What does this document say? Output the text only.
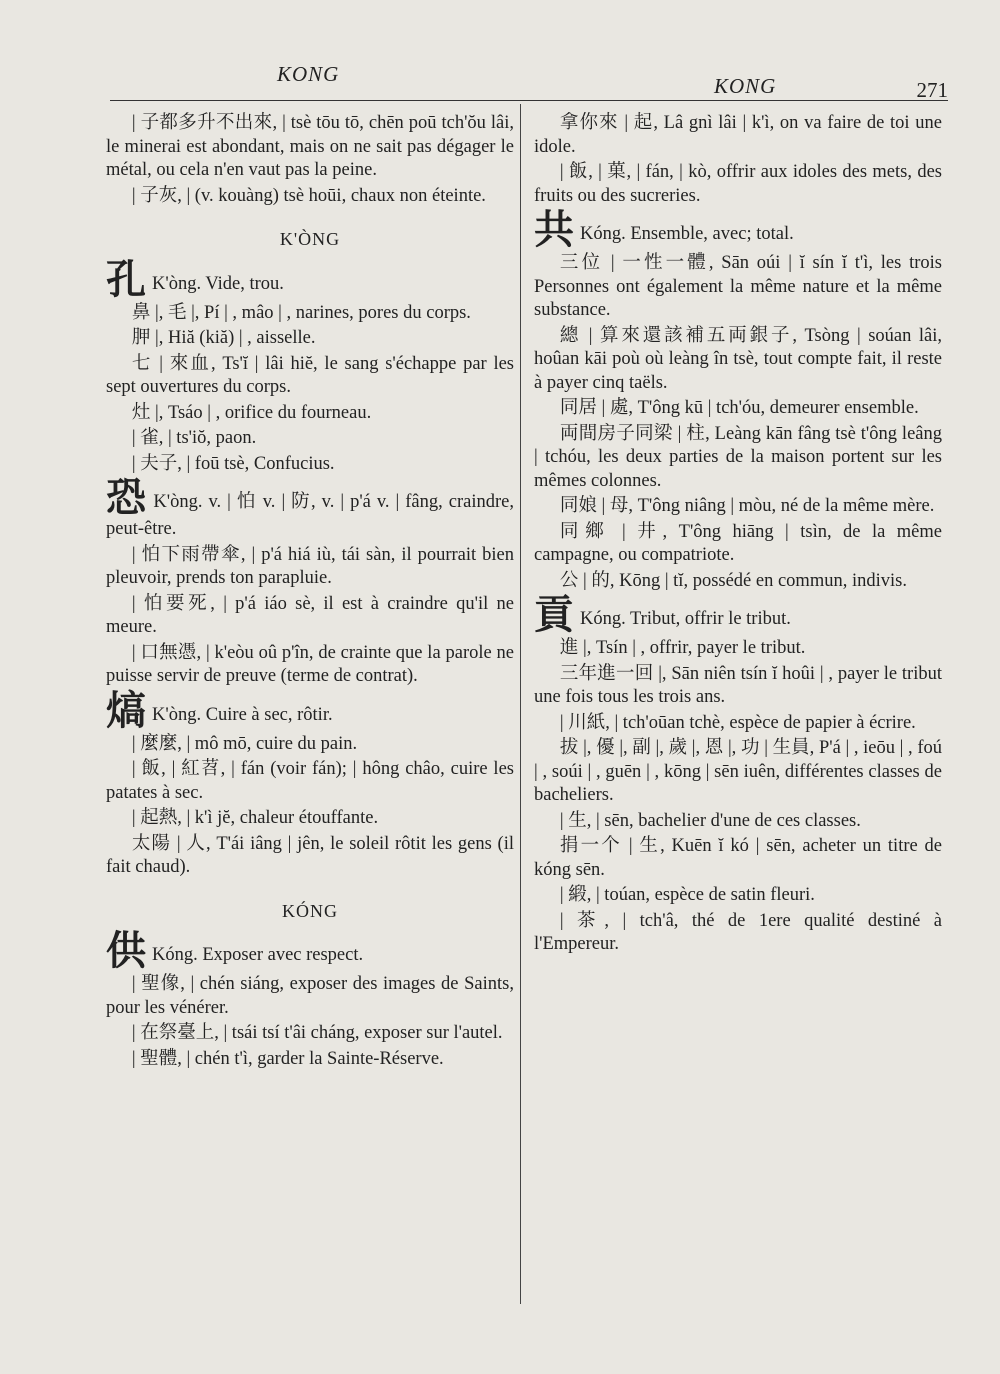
KONG	KONG	271

| 子都多升不出來, | tsè tōu tō, chēn poū tch'ŏu lâi, le minerai est abondant, mais on ne sait pas dégager le métal, ou cela n'en vaut pas la peine.

| 子灰, | (v. kouàng) tsè hoūi, chaux non éteinte.

K'ÒNG

孔 K'òng. Vide, trou.

鼻 |, 毛 |, Pí | , mâo | , narines, pores du corps.

胛 |, Hiă (kiă) | , aisselle.

七 | 來血, Ts'ĭ | lâi hiĕ, le sang s'échappe par les sept ouvertures du corps.

灶 |, Tsáo | , orifice du fourneau.

| 雀, | ts'iŏ, paon.

| 夫子, | foū tsè, Confucius.

恐 K'òng. v. | 怕 v. | 防, v. | p'á v. | fâng, craindre, peut-être.

| 怕下雨帶傘, | p'á hiá iù, tái sàn, il pourrait bien pleuvoir, prends ton parapluie.

| 怕要死, | p'á iáo sè, il est à craindre qu'il ne meure.

| 口無憑, | k'eòu oû p'în, de crainte que la parole ne puisse servir de preuve (terme de contrat).

熇 K'òng. Cuire à sec, rôtir.

| 麼麼, | mô mō, cuire du pain.

| 飯, | 紅苕, | fán (voir fán); | hông châo, cuire les patates à sec.

| 起熱, | k'ì jĕ, chaleur étouffante.

太陽 | 人, T'ái iâng | jên, le soleil rôtit les gens (il fait chaud).

KÓNG

供 Kóng. Exposer avec respect.

| 聖像, | chén siáng, exposer des images de Saints, pour les vénérer.

| 在祭臺上, | tsái tsí t'âi cháng, exposer sur l'autel.

| 聖體, | chén t'ì, garder la Sainte-Réserve.

拿你來 | 起, Lâ gnì lâi | k'ì, on va faire de toi une idole.

| 飯, | 菓, | fán, | kò, offrir aux idoles des mets, des fruits ou des sucreries.

共 Kóng. Ensemble, avec; total.

三位 | 一性一體, Sān oúi | ĭ sín ĭ t'ì, les trois Personnes ont également la même nature et la même substance.

總 | 算來還該補五両銀子, Tsòng | soúan lâi, hoûan kāi poù où leàng în tsè, tout compte fait, il reste à payer cinq taëls.

同居 | 處, T'ông kū | tch'óu, demeurer ensemble.

両間房子同梁 | 柱, Leàng kān fâng tsè t'ông leâng | tchóu, les deux parties de la maison portent sur les mêmes colonnes.

同娘 | 母, T'ông niâng | mòu, né de la même mère.

同鄉 | 井, T'ông hiāng | tsìn, de la même campagne, ou compatriote.

公 | 的, Kōng | tĭ, possédé en commun, indivis.

貢 Kóng. Tribut, offrir le tribut.

進 |, Tsín | , offrir, payer le tribut.

三年進一回 |, Sān niên tsín ĭ hoûi | , payer le tribut une fois tous les trois ans.

| 川紙, | tch'oūan tchè, espèce de papier à écrire.

拔 |, 優 |, 副 |, 歲 |, 恩 |, 功 | 生員, P'á | , ieōu | , foú | , soúi | , guēn | , kōng | sēn iuên, différentes classes de bacheliers.

| 生, | sēn, bachelier d'une de ces classes.

捐一个 | 生, Kuēn ĭ kó | sēn, acheter un titre de kóng sēn.

| 緞, | toúan, espèce de satin fleuri.

| 茶, | tch'â, thé de 1ere qualité destiné à l'Empereur.
